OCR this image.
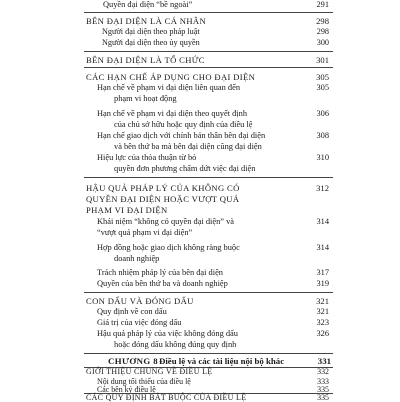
Quyền đại diện “bề ngoài”	291
BÊN ĐẠI DIỆN LÀ CÁ NHÂN	298
Người đại diện theo pháp luật	298
Người đại diện theo ủy quyền	300
BÊN ĐẠI DIỆN LÀ TỔ CHỨC	301
CÁC HẠN CHẾ ÁP DỤNG CHO ĐẠI DIỆN	305
Hạn chế về phạm vi đại diện liên quan đến	305
phạm vi hoạt động
Hạn chế về phạm vi đại diện theo quyết định	306
của chủ sở hữu hoặc quy định của điều lệ
Hạn chế giao dịch với chính bản thân bên đại diện	308
và bên thứ ba mà bên đại diện cũng đại diện
Hiệu lực của thỏa thuận từ bỏ	310
quyền đơn phương chấm dứt việc đại diện
HẬU QUẢ PHÁP LÝ CỦA KHÔNG CÓ	312
QUYỀN ĐẠI DIỆN HOẶC VƯỢT QUÁ
PHẠM VI ĐẠI DIỆN
Khái niệm “không có quyền đại diện” và	314
“vượt quá phạm vi đại diện”
Hợp đồng hoặc giao dịch không ràng buộc	314
doanh nghiệp
Trách nhiệm pháp lý của bên đại diện	317
Quyền của bên thứ ba và doanh nghiệp	319
CON DẤU VÀ ĐÓNG DẤU	321
Quy định về con dấu	321
Giá trị của việc đóng dấu	323
Hậu quả pháp lý của việc không đóng dấu	326
hoặc đóng dấu không đúng quy định
CHƯƠNG 8 Điều lệ và các tài liệu nội bộ khác	331
GIỚI THIỆU CHUNG VỀ ĐIỀU LỆ	332
Nội dung tối thiểu của điều lệ	333
Các bên ký điều lệ	335
CÁC QUY ĐỊNH BẮT BUỘC CỦA ĐIỀU LỆ	335
